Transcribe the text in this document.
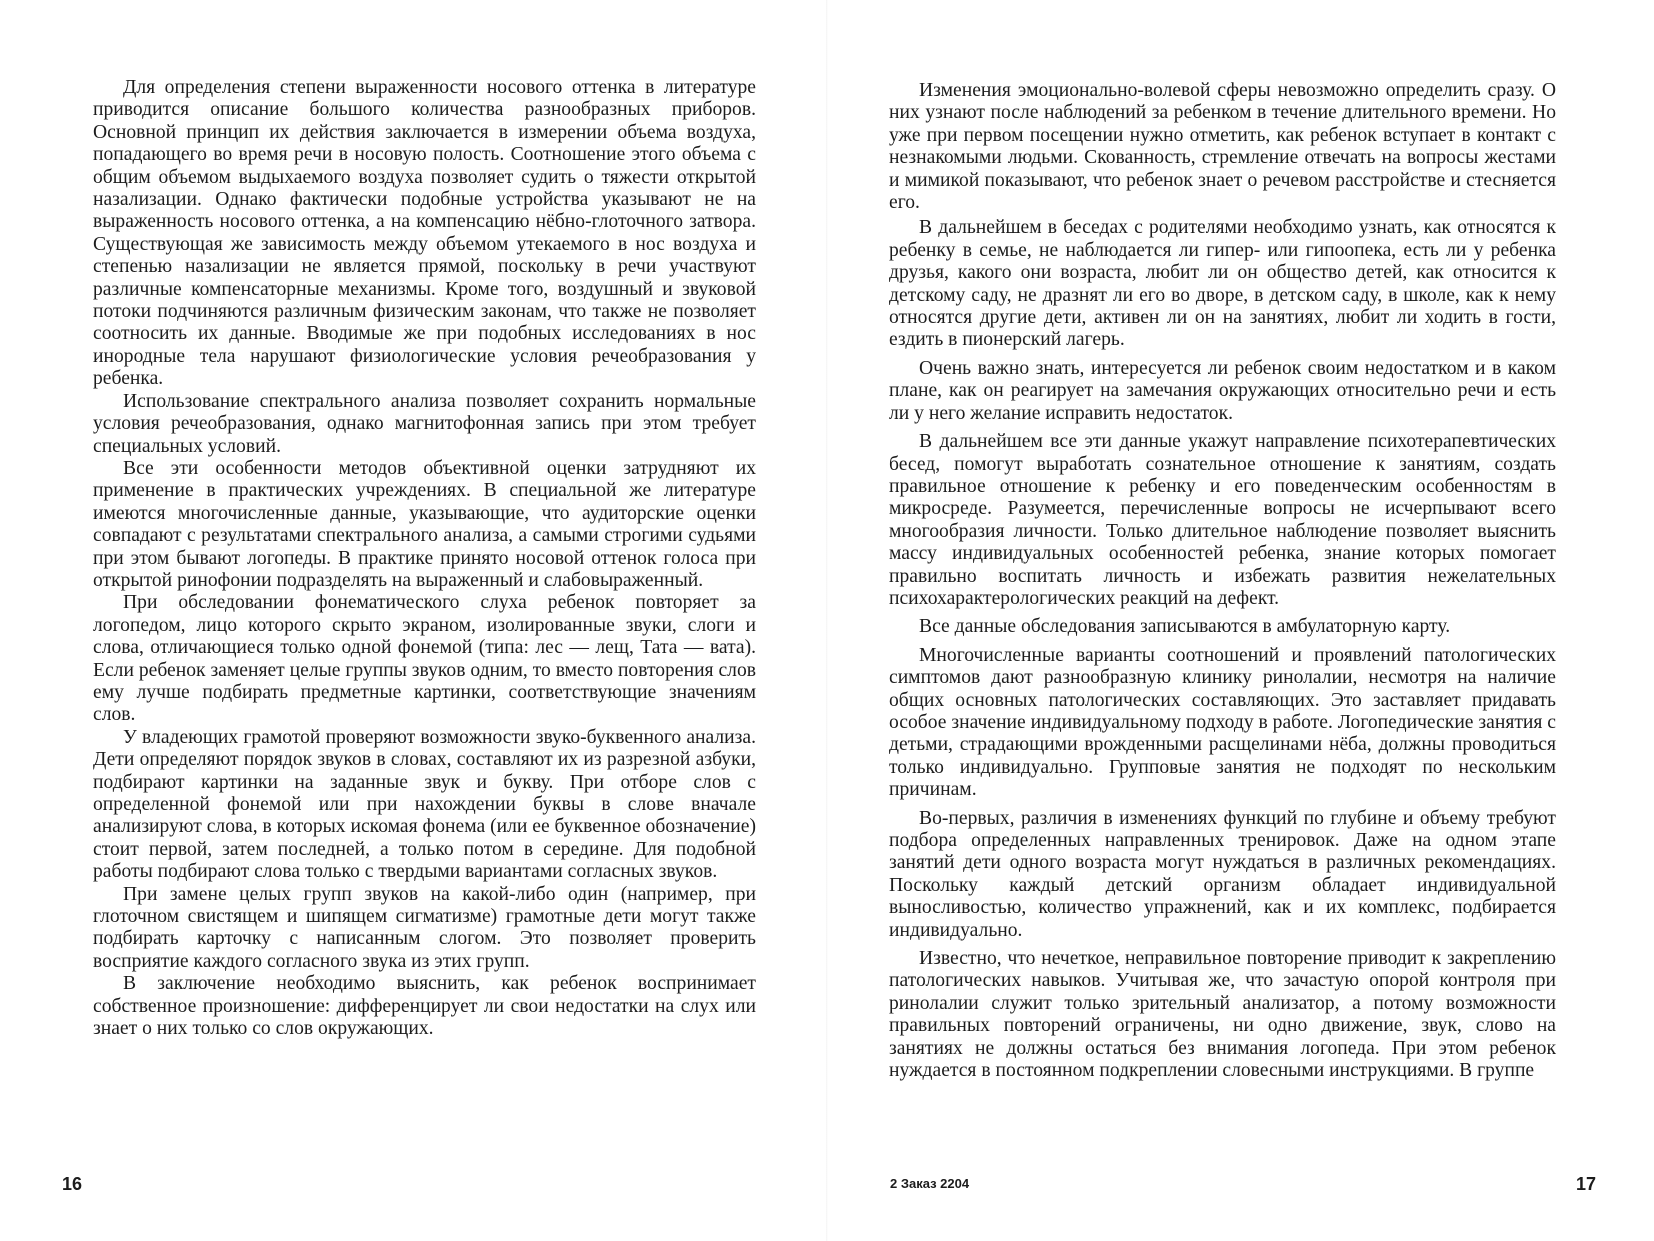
Для определения степени выраженности носового оттенка в литературе приводится описание большого количества разнообразных приборов. Основной принцип их действия заключается в измерении объема воздуха, попадающего во время речи в носовую полость. Соотношение этого объема с общим объемом выдыхаемого воздуха позволяет судить о тяжести открытой назализации. Однако фактически подобные устройства указывают не на выраженность носового оттенка, а на компенсацию нёбно-глоточного затвора. Существующая же зависимость между объемом утекаемого в нос воздуха и степенью назализации не является прямой, поскольку в речи участвуют различные компенсаторные механизмы. Кроме того, воздушный и звуковой потоки подчиняются различным физическим законам, что также не позволяет соотносить их данные. Вводимые же при подобных исследованиях в нос инородные тела нарушают физиологические условия речеобразования у ребенка.

Использование спектрального анализа позволяет сохранить нормальные условия речеобразования, однако магнитофонная запись при этом требует специальных условий.

Все эти особенности методов объективной оценки затрудняют их применение в практических учреждениях. В специальной же литературе имеются многочисленные данные, указывающие, что аудиторские оценки совпадают с результатами спектрального анализа, а самыми строгими судьями при этом бывают логопеды. В практике принято носовой оттенок голоса при открытой ринофонии подразделять на выраженный и слабовыраженный.

При обследовании фонематического слуха ребенок повторяет за логопедом, лицо которого скрыто экраном, изолированные звуки, слоги и слова, отличающиеся только одной фонемой (типа: лес — лещ, Тата — вата). Если ребенок заменяет целые группы звуков одним, то вместо повторения слов ему лучше подбирать предметные картинки, соответствующие значениям слов.

У владеющих грамотой проверяют возможности звуко-буквенного анализа. Дети определяют порядок звуков в словах, составляют их из разрезной азбуки, подбирают картинки на заданные звук и букву. При отборе слов с определенной фонемой или при нахождении буквы в слове вначале анализируют слова, в которых искомая фонема (или ее буквенное обозначение) стоит первой, затем последней, а только потом в середине. Для подобной работы подбирают слова только с твердыми вариантами согласных звуков.

При замене целых групп звуков на какой-либо один (например, при глоточном свистящем и шипящем сигматизме) грамотные дети могут также подбирать карточку с написанным слогом. Это позволяет проверить восприятие каждого согласного звука из этих групп.

В заключение необходимо выяснить, как ребенок воспринимает собственное произношение: дифференцирует ли свои недостатки на слух или знает о них только со слов окружающих.

16

Изменения эмоционально-волевой сферы невозможно определить сразу. О них узнают после наблюдений за ребенком в течение длительного времени. Но уже при первом посещении нужно отметить, как ребенок вступает в контакт с незнакомыми людьми. Скованность, стремление отвечать на вопросы жестами и мимикой показывают, что ребенок знает о речевом расстройстве и стесняется его.

В дальнейшем в беседах с родителями необходимо узнать, как относятся к ребенку в семье, не наблюдается ли гипер- или гипоопека, есть ли у ребенка друзья, какого они возраста, любит ли он общество детей, как относится к детскому саду, не дразнят ли его во дворе, в детском саду, в школе, как к нему относятся другие дети, активен ли он на занятиях, любит ли ходить в гости, ездить в пионерский лагерь.

Очень важно знать, интересуется ли ребенок своим недостатком и в каком плане, как он реагирует на замечания окружающих относительно речи и есть ли у него желание исправить недостаток.

В дальнейшем все эти данные укажут направление психотерапевтических бесед, помогут выработать сознательное отношение к занятиям, создать правильное отношение к ребенку и его поведенческим особенностям в микросреде. Разумеется, перечисленные вопросы не исчерпывают всего многообразия личности. Только длительное наблюдение позволяет выяснить массу индивидуальных особенностей ребенка, знание которых помогает правильно воспитать личность и избежать развития нежелательных психохарактерологических реакций на дефект.

Все данные обследования записываются в амбулаторную карту.

Многочисленные варианты соотношений и проявлений патологических симптомов дают разнообразную клинику ринолалии, несмотря на наличие общих основных патологических составляющих. Это заставляет придавать особое значение индивидуальному подходу в работе. Логопедические занятия с детьми, страдающими врожденными расщелинами нёба, должны проводиться только индивидуально. Групповые занятия не подходят по нескольким причинам.

Во-первых, различия в изменениях функций по глубине и объему требуют подбора определенных направленных тренировок. Даже на одном этапе занятий дети одного возраста могут нуждаться в различных рекомендациях. Поскольку каждый детский организм обладает индивидуальной выносливостью, количество упражнений, как и их комплекс, подбирается индивидуально.

Известно, что нечеткое, неправильное повторение приводит к закреплению патологических навыков. Учитывая же, что зачастую опорой контроля при ринолалии служит только зрительный анализатор, а потому возможности правильных повторений ограничены, ни одно движение, звук, слово на занятиях не должны остаться без внимания логопеда. При этом ребенок нуждается в постоянном подкреплении словесными инструкциями. В группе

2 Заказ 2204	17
